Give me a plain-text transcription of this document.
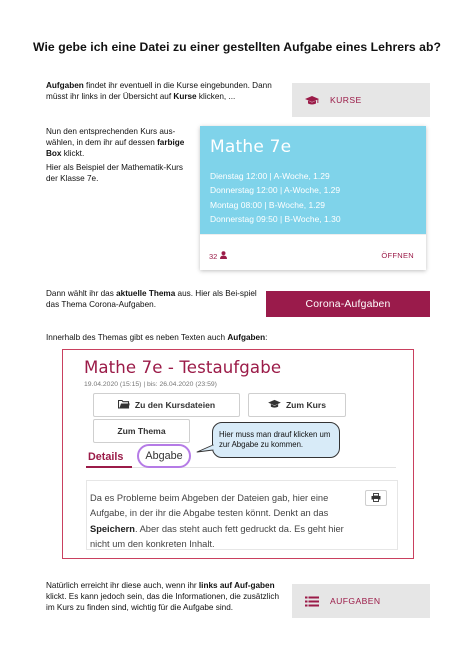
Wie gebe ich eine Datei zu einer gestellten Aufgabe eines Lehrers ab?
Aufgaben findet ihr eventuell in die Kurse eingebunden. Dann müsst ihr links in der Übersicht auf Kurse klicken, ...	KURSE
Nun den entsprechenden Kurs aus-wählen, in dem ihr auf dessen farbige Box klickt.
Hier als Beispiel der Mathematik-Kurs der Klasse 7e.
Mathe 7e
Dienstag 12:00 | A-Woche, 1.29
Donnerstag 12:00 | A-Woche, 1.29
Montag 08:00 | B-Woche, 1.29
Donnerstag 09:50 | B-Woche, 1.30
32	ÖFFNEN
Dann wählt ihr das aktuelle Thema aus. Hier als Bei-spiel das Thema Corona-Aufgaben.	Corona-Aufgaben
Innerhalb des Themas gibt es neben Texten auch Aufgaben:
Mathe 7e - Testaufgabe
19.04.2020 (15:15) | bis: 26.04.2020 (23:59)
Zu den Kursdateien	Zum Kurs
Zum Thema	Hier muss man drauf klicken um zur Abgabe zu kommen.
Details	Abgabe
Da es Probleme beim Abgeben der Dateien gab, hier eine Aufgabe, in der ihr die Abgabe testen könnt. Denkt an das Speichern. Aber das steht auch fett gedruckt da. Es geht hier nicht um den konkreten Inhalt.
Natürlich erreicht ihr diese auch, wenn ihr links auf Auf-gaben klickt. Es kann jedoch sein, das die Informationen, die zusätzlich im Kurs zu finden sind, wichtig für die Aufgabe sind.
AUFGABEN
